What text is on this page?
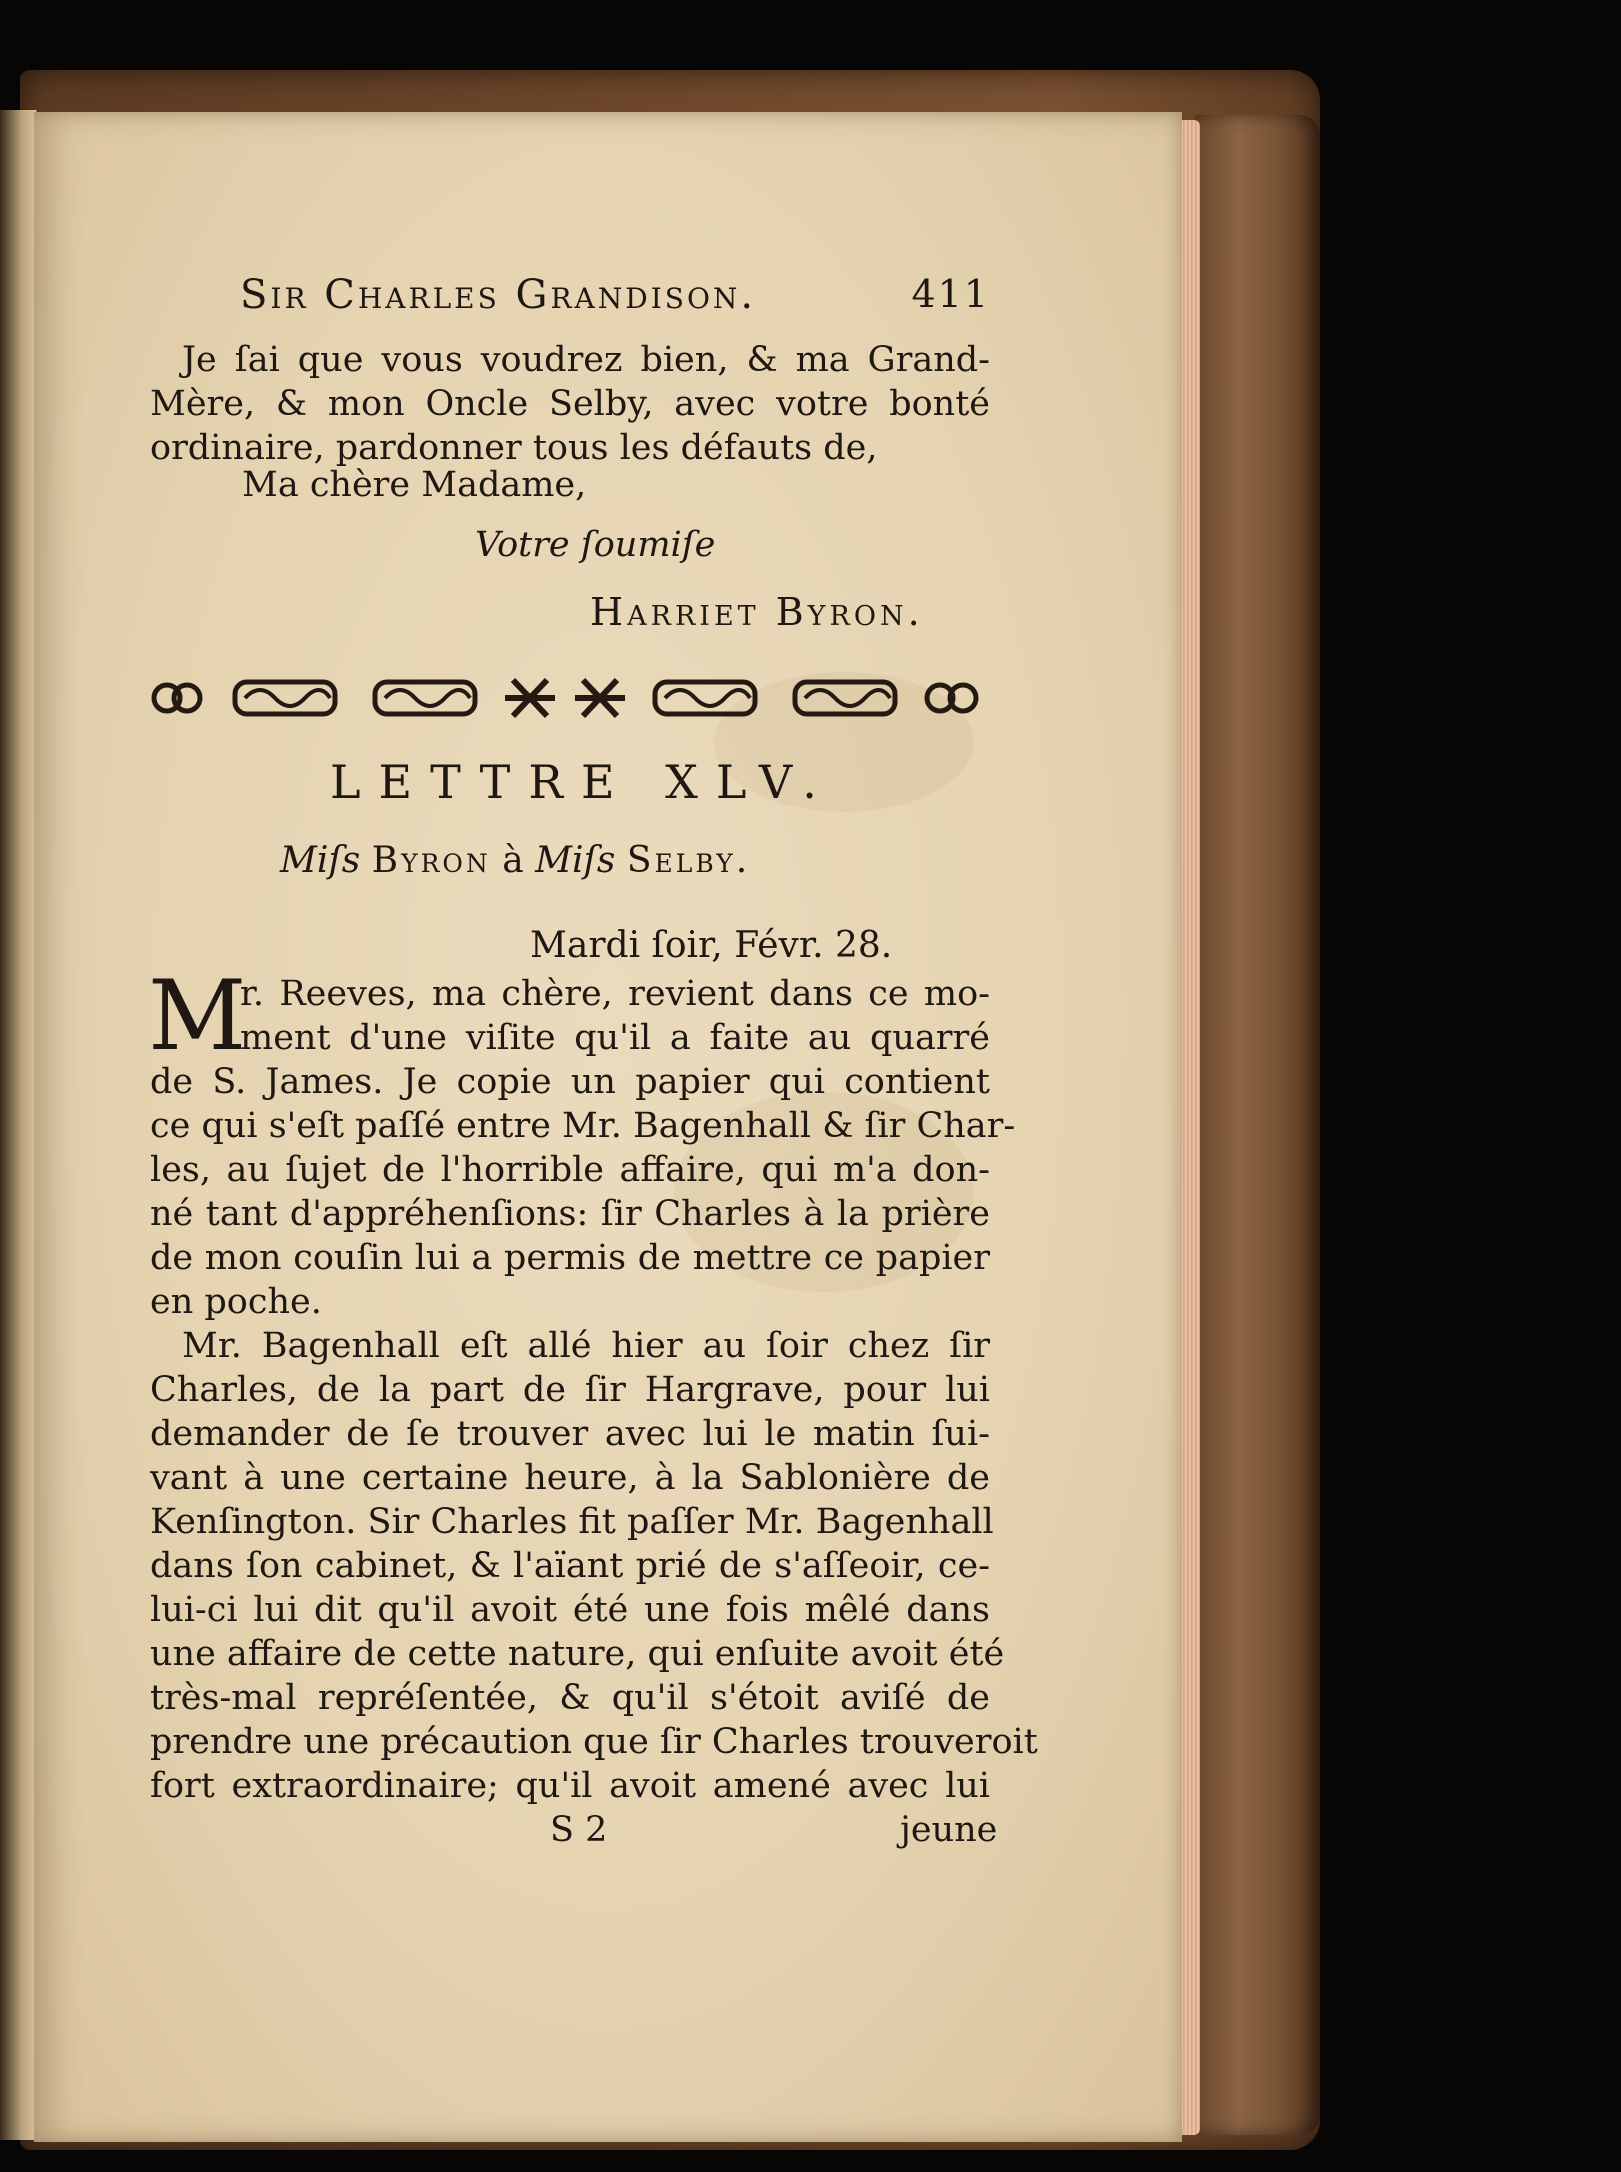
Sir Charles Grandison.	411
Je ſai que vous voudrez bien, & ma Grand-
Mère, & mon Oncle Selby, avec votre bonté
ordinaire, pardonner tous les défauts de,
Ma chère Madame,
Votre ſoumiſe
Harriet Byron.
LETTRE XLV.
Miſs Byron à Miſs Selby.
Mardi ſoir, Févr. 28.
M
r. Reeves, ma chère, revient dans ce mo-
ment d'une viſite qu'il a faite au quarré
de S. James. Je copie un papier qui contient
ce qui s'eſt paſſé entre Mr. Bagenhall & ſir Char-
les, au ſujet de l'horrible affaire, qui m'a don-
né tant d'appréhenſions: ſir Charles à la prière
de mon couſin lui a permis de mettre ce papier
en poche.
Mr. Bagenhall eſt allé hier au ſoir chez ſir
Charles, de la part de ſir Hargrave, pour lui
demander de ſe trouver avec lui le matin ſui-
vant à une certaine heure, à la Sablonière de
Kenſington. Sir Charles fit paſſer Mr. Bagenhall
dans ſon cabinet, & l'aïant prié de s'aſſeoir, ce-
lui-ci lui dit qu'il avoit été une fois mêlé dans
une affaire de cette nature, qui enſuite avoit été
très-mal repréſentée, & qu'il s'étoit aviſé de
prendre une précaution que ſir Charles trouveroit
fort extraordinaire; qu'il avoit amené avec lui
S 2	jeune
